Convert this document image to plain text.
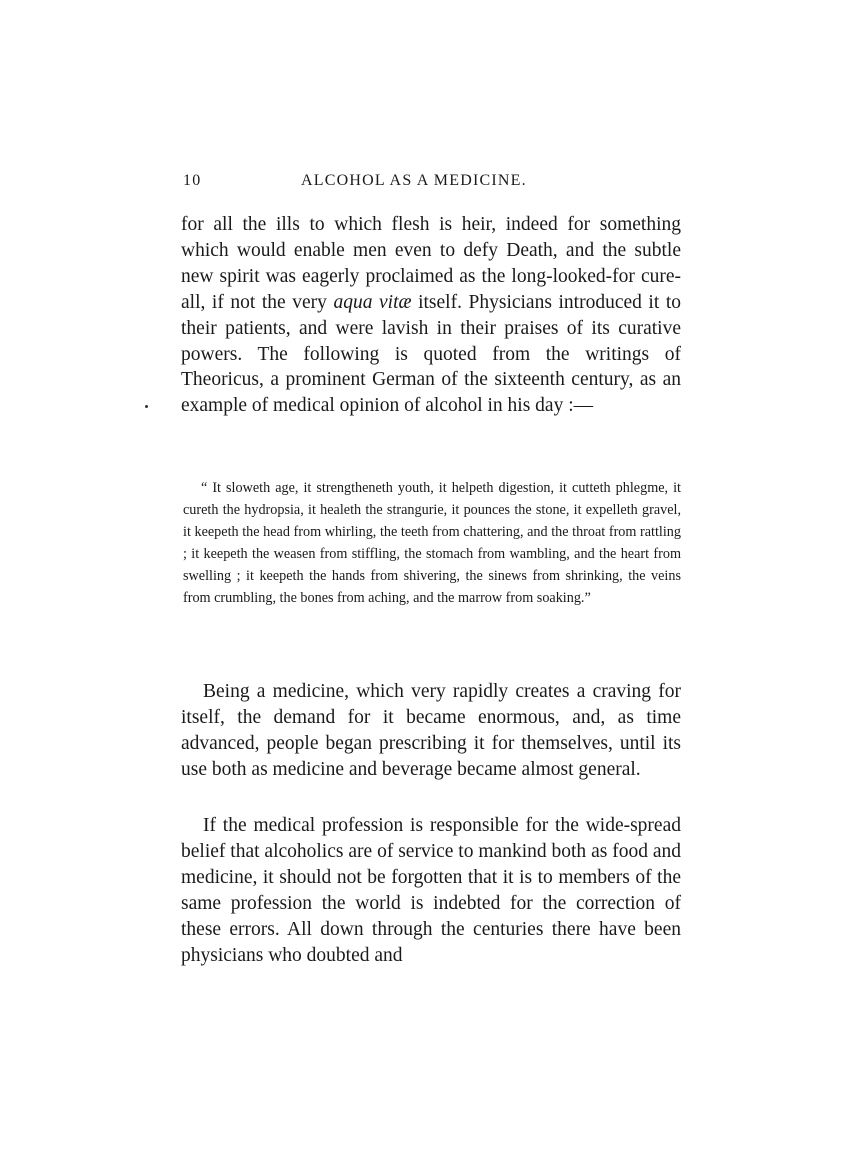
10	ALCOHOL AS A MEDICINE.

for all the ills to which flesh is heir, indeed for something which would enable men even to defy Death, and the subtle new spirit was eagerly proclaimed as the long-looked-for cure-all, if not the very aqua vitæ itself. Physicians introduced it to their patients, and were lavish in their praises of its curative powers. The following is quoted from the writings of Theoricus, a prominent German of the sixteenth century, as an example of medical opinion of alcohol in his day :—

“ It sloweth age, it strengtheneth youth, it helpeth digestion, it cutteth phlegme, it cureth the hydropsia, it healeth the strangurie, it pounces the stone, it expelleth gravel, it keepeth the head from whirling, the teeth from chattering, and the throat from rattling ; it keepeth the weasen from stiffling, the stomach from wambling, and the heart from swelling ; it keepeth the hands from shivering, the sinews from shrinking, the veins from crumbling, the bones from aching, and the marrow from soaking.”

Being a medicine, which very rapidly creates a craving for itself, the demand for it became enormous, and, as time advanced, people began prescribing it for themselves, until its use both as medicine and beverage became almost general.

If the medical profession is responsible for the wide-spread belief that alcoholics are of service to mankind both as food and medicine, it should not be forgotten that it is to members of the same profession the world is indebted for the correction of these errors. All down through the centuries there have been physicians who doubted and
